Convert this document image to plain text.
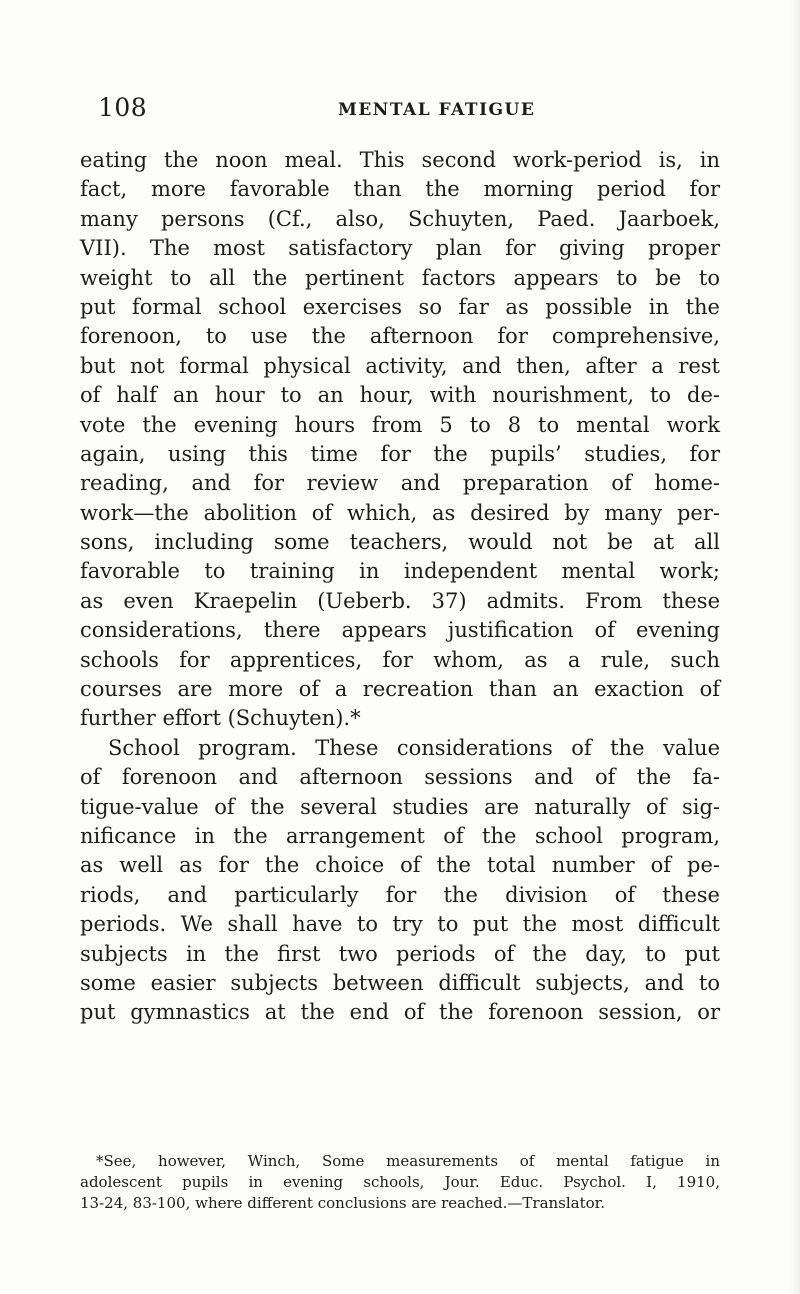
108	MENTAL FATIGUE
eating the noon meal. This second work-period is, in
fact, more favorable than the morning period for
many persons (Cf., also, Schuyten, Paed. Jaarboek,
VII). The most satisfactory plan for giving proper
weight to all the pertinent factors appears to be to
put formal school exercises so far as possible in the
forenoon, to use the afternoon for comprehensive,
but not formal physical activity, and then, after a rest
of half an hour to an hour, with nourishment, to de-
vote the evening hours from 5 to 8 to mental work
again, using this time for the pupils’ studies, for
reading, and for review and preparation of home-
work—the abolition of which, as desired by many per-
sons, including some teachers, would not be at all
favorable to training in independent mental work;
as even Kraepelin (Ueberb. 37) admits. From these
considerations, there appears justification of evening
schools for apprentices, for whom, as a rule, such
courses are more of a recreation than an exaction of
further effort (Schuyten).*
School program. These considerations of the value
of forenoon and afternoon sessions and of the fa-
tigue-value of the several studies are naturally of sig-
nificance in the arrangement of the school program,
as well as for the choice of the total number of pe-
riods, and particularly for the division of these
periods. We shall have to try to put the most difficult
subjects in the first two periods of the day, to put
some easier subjects between difficult subjects, and to
put gymnastics at the end of the forenoon session, or
*See, however, Winch, Some measurements of mental fatigue in
adolescent pupils in evening schools, Jour. Educ. Psychol. I, 1910,
13-24, 83-100, where different conclusions are reached.—Translator.
